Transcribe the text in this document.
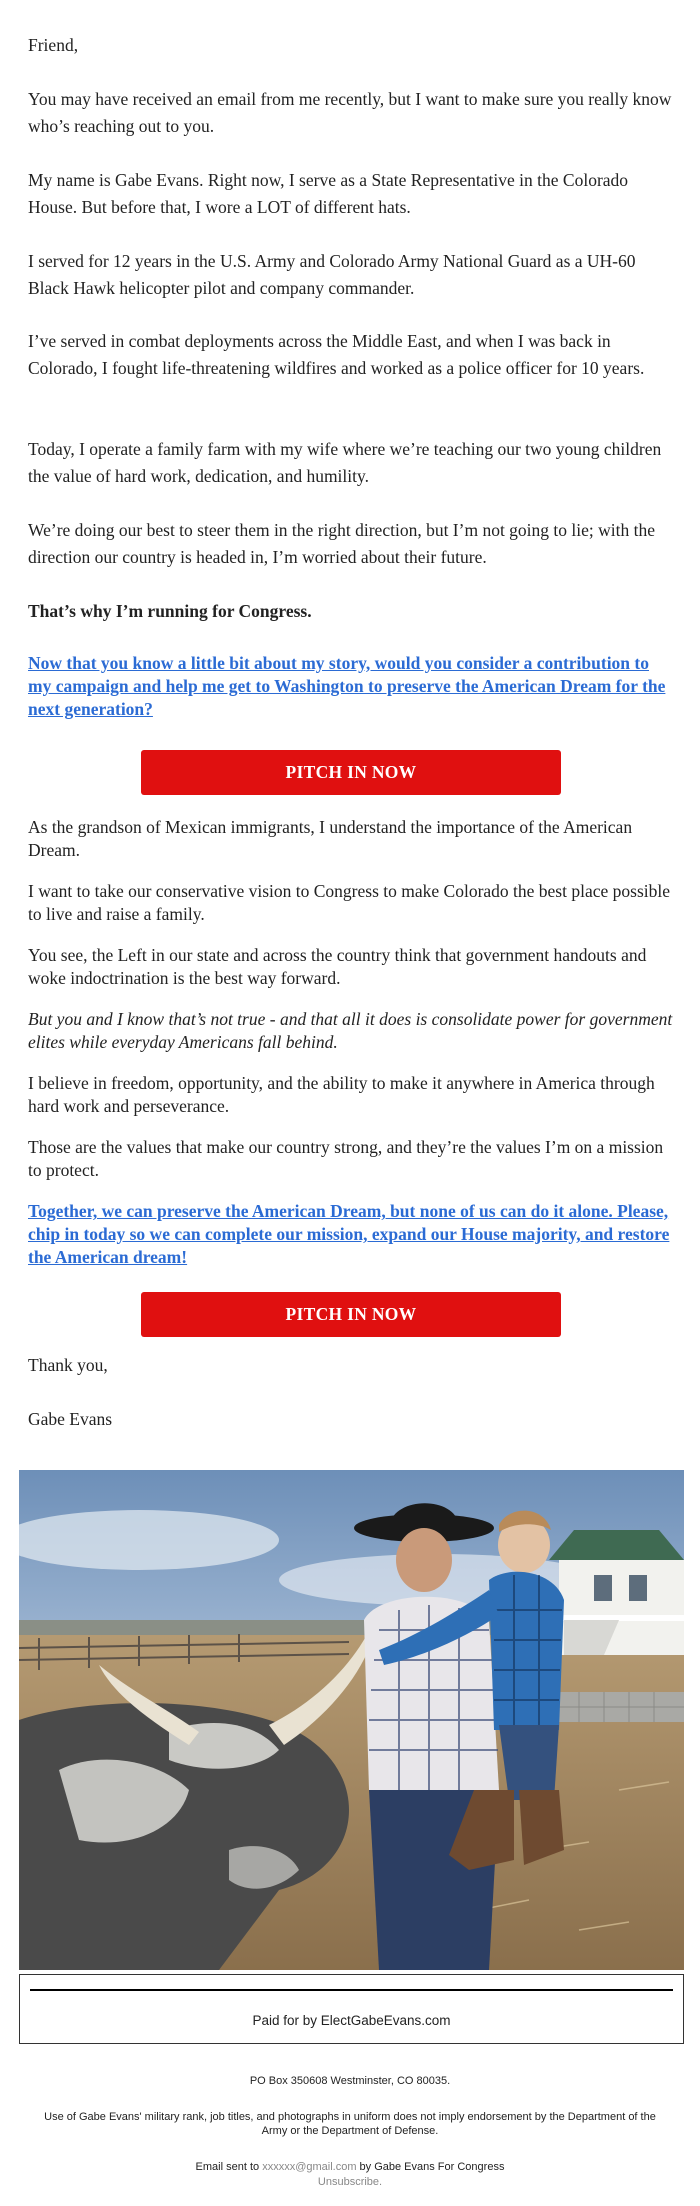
Friend,

You may have received an email from me recently, but I want to make sure you really know who’s reaching out to you.

My name is Gabe Evans. Right now, I serve as a State Representative in the Colorado House. But before that, I wore a LOT of different hats.

I served for 12 years in the U.S. Army and Colorado Army National Guard as a UH-60 Black Hawk helicopter pilot and company commander.

I’ve served in combat deployments across the Middle East, and when I was back in Colorado, I fought life-threatening wildfires and worked as a police officer for 10 years.

Today, I operate a family farm with my wife where we’re teaching our two young children the value of hard work, dedication, and humility.

We’re doing our best to steer them in the right direction, but I’m not going to lie; with the direction our country is headed in, I’m worried about their future.

That’s why I’m running for Congress.

Now that you know a little bit about my story, would you consider a contribution to my campaign and help me get to Washington to preserve the American Dream for the next generation?
PITCH IN NOW

As the grandson of Mexican immigrants, I understand the importance of the American Dream.

I want to take our conservative vision to Congress to make Colorado the best place possible to live and raise a family.

You see, the Left in our state and across the country think that government handouts and woke indoctrination is the best way forward.

But you and I know that’s not true - and that all it does is consolidate power for government elites while everyday Americans fall behind.

I believe in freedom, opportunity, and the ability to make it anywhere in America through hard work and perseverance.

Those are the values that make our country strong, and they’re the values I’m on a mission to protect.

Together, we can preserve the American Dream, but none of us can do it alone. Please, chip in today so we can complete our mission, expand our House majority, and restore the American dream!
PITCH IN NOW

Thank you,

Gabe Evans

Paid for by ElectGabeEvans.com

PO Box 350608 Westminster, CO 80035.

Use of Gabe Evans' military rank, job titles, and photographs in uniform does not imply endorsement by the Department of the Army or the Department of Defense.

Email sent to xxxxxx@gmail.com by Gabe Evans For Congress

Unsubscribe.
